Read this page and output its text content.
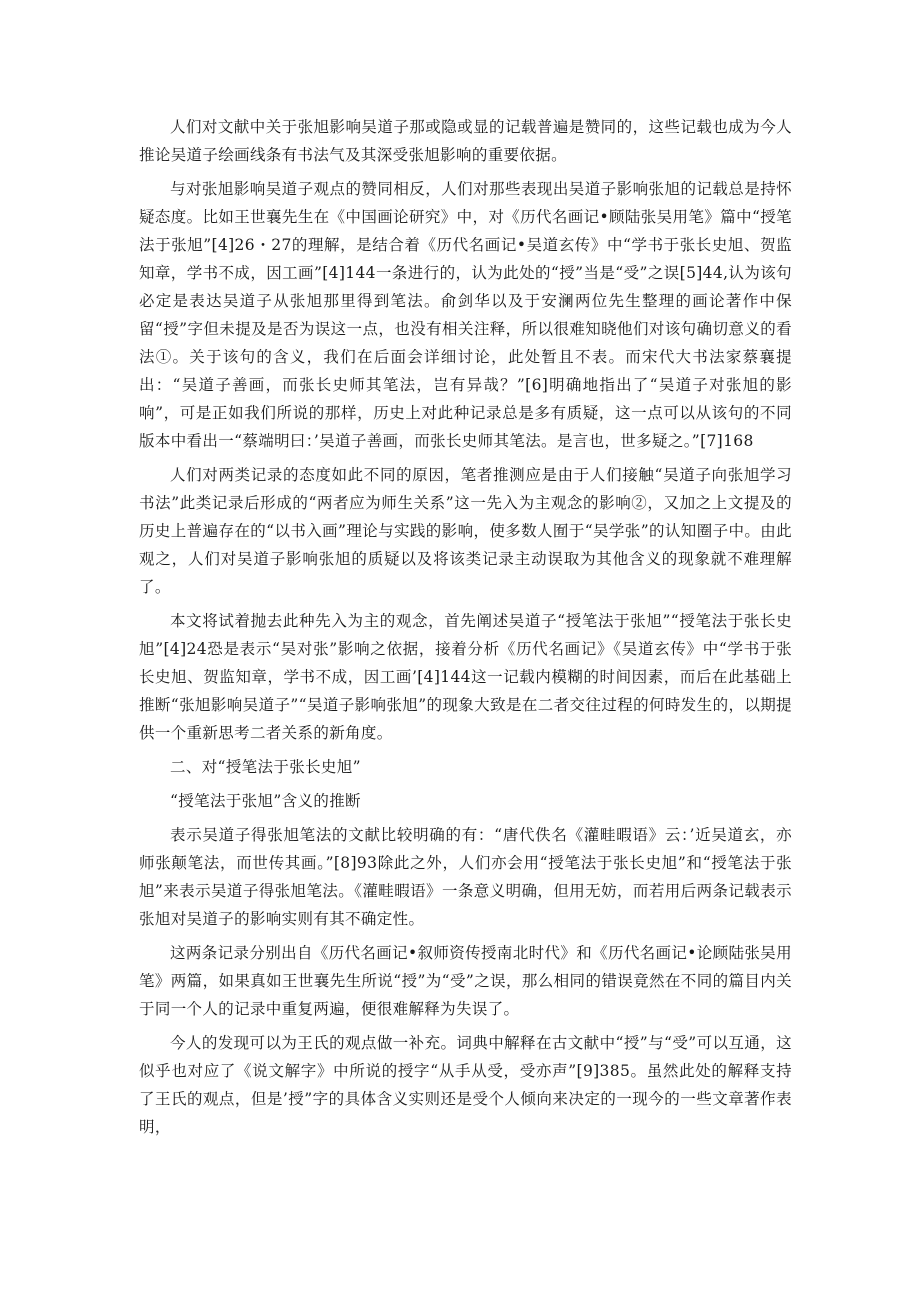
人们对文献中关于张旭影响吴道子那或隐或显的记载普遍是赞同的，这些记载也成为今人推论吴道子绘画线条有书法气及其深受张旭影响的重要依据。

与对张旭影响吴道子观点的赞同相反，人们对那些表现出吴道子影响张旭的记载总是持怀疑态度。比如王世襄先生在《中国画论研究》中，对《历代名画记•顾陆张吴用笔》篇中“授笔法于张旭”[4]26・27的理解，是结合着《历代名画记•吴道玄传》中“学书于张长史旭、贺监知章，学书不成，因工画”[4]144一条进行的，认为此处的“授”当是“受”之误[5]44,认为该句必定是表达吴道子从张旭那里得到笔法。俞剑华以及于安澜两位先生整理的画论著作中保留“授”字但未提及是否为误这一点，也没有相关注释，所以很难知晓他们对该句确切意义的看法①。关于该句的含义，我们在后面会详细讨论，此处暂且不表。而宋代大书法家蔡襄提出：“吴道子善画，而张长史师其笔法，岂有异哉？”[6]明确地指出了“吴道子对张旭的影响”，可是正如我们所说的那样，历史上对此种记录总是多有质疑，这一点可以从该句的不同版本中看出一“蔡端明曰：’吴道子善画，而张长史师其笔法。是言也，世多疑之。”[7]168

人们对两类记录的态度如此不同的原因，笔者推测应是由于人们接触“吴道子向张旭学习书法”此类记录后形成的“两者应为师生关系”这一先入为主观念的影响②，又加之上文提及的历史上普遍存在的“以书入画”理论与实践的影响，使多数人囿于“吴学张”的认知圈子中。由此观之，人们对吴道子影响张旭的质疑以及将该类记录主动误取为其他含义的现象就不难理解了。

本文将试着抛去此种先入为主的观念，首先阐述吴道子“授笔法于张旭”“授笔法于张长史旭”[4]24恐是表示“吴对张”影响之依据，接着分析《历代名画记》《吴道玄传》中“学书于张长史旭、贺监知章，学书不成，因工画’[4]144这一记载内模糊的时间因素，而后在此基础上推断“张旭影响吴道子”“吴道子影响张旭”的现象大致是在二者交往过程的何時发生的，以期提供一个重新思考二者关系的新角度。

二、对“授笔法于张长史旭”

“授笔法于张旭”含义的推断

表示吴道子得张旭笔法的文献比较明确的有：“唐代佚名《灌畦暇语》云：’近吴道玄，亦师张颠笔法，而世传其画。”[8]93除此之外，人们亦会用“授笔法于张长史旭”和“授笔法于张旭”来表示吴道子得张旭笔法。《灌畦暇语》一条意义明确，但用无妨，而若用后两条记载表示张旭对吴道子的影响实则有其不确定性。

这两条记录分别出自《历代名画记•叙师资传授南北时代》和《历代名画记•论顾陆张吴用笔》两篇，如果真如王世襄先生所说“授”为“受”之误，那么相同的错误竟然在不同的篇目内关于同一个人的记录中重复两遍，便很难解释为失误了。

今人的发现可以为王氏的观点做一补充。词典中解释在古文献中“授”与“受”可以互通，这似乎也对应了《说文解字》中所说的授字“从手从受，受亦声”[9]385。虽然此处的解释支持了王氏的观点，但是’授”字的具体含义实则还是受个人倾向来决定的一现今的一些文章著作表明，
